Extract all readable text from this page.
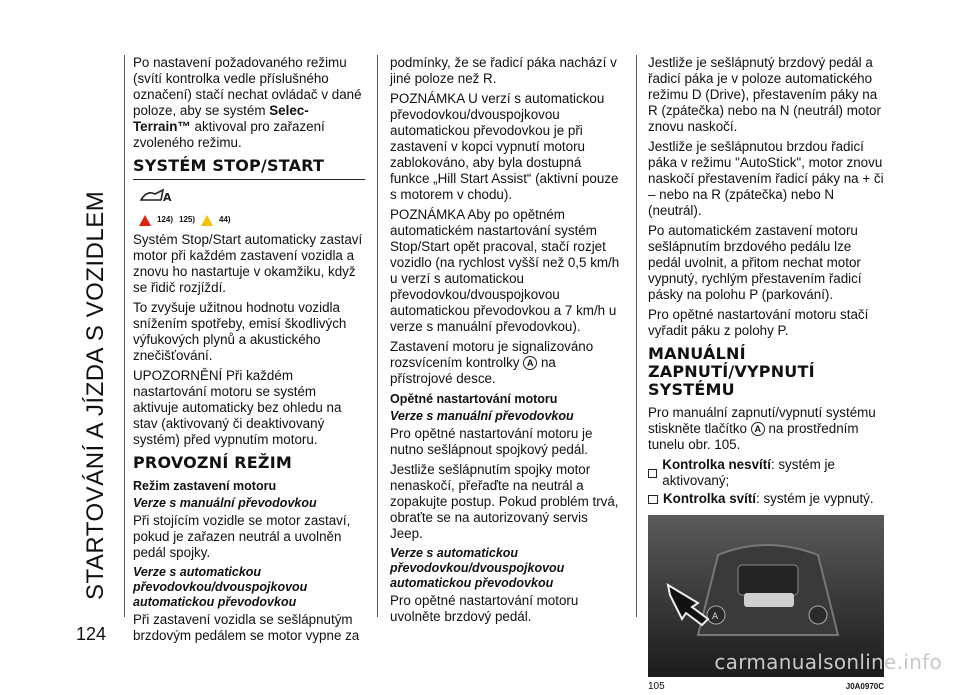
STARTOVÁNÍ A JÍZDA S VOZIDLEM
124

Po nastavení požadovaného režimu (svítí kontrolka vedle příslušného označení) stačí nechat ovládač v dané poloze, aby se systém Selec-Terrain™ aktivoval pro zařazení zvoleného režimu.

SYSTÉM STOP/START
A
124) 125)	44)

Systém Stop/Start automaticky zastaví motor při každém zastavení vozidla a znovu ho nastartuje v okamžiku, když se řidič rozjíždí.

To zvyšuje užitnou hodnotu vozidla snížením spotřeby, emisí škodlivých výfukových plynů a akustického znečišťování.

UPOZORNĚNÍ Při každém nastartování motoru se systém aktivuje automaticky bez ohledu na stav (aktivovaný či deaktivovaný systém) před vypnutím motoru.

PROVOZNÍ REŽIM
Režim zastavení motoru
Verze s manuální převodovkou

Při stojícím vozidle se motor zastaví, pokud je zařazen neutrál a uvolněn pedál spojky.

Verze s automatickou převodovkou/dvouspojkovou automatickou převodovkou

Při zastavení vozidla se sešlápnutým brzdovým pedálem se motor vypne za

podmínky, že se řadicí páka nachází v jiné poloze než R.

POZNÁMKA U verzí s automatickou převodovkou/dvouspojkovou automatickou převodovkou je při zastavení v kopci vypnutí motoru zablokováno, aby byla dostupná funkce „Hill Start Assist“ (aktivní pouze s motorem v chodu).

POZNÁMKA Aby po opětném automatickém nastartování systém Stop/Start opět pracoval, stačí rozjet vozidlo (na rychlost vyšší než 0,5 km/h u verzí s automatickou převodovkou/dvouspojkovou automatickou převodovkou a 7 km/h u verze s manuální převodovkou).

Zastavení motoru je signalizováno rozsvícením kontrolky A na přístrojové desce.

Opětné nastartování motoru
Verze s manuální převodovkou

Pro opětné nastartování motoru je nutno sešlápnout spojkový pedál.

Jestliže sešlápnutím spojky motor nenaskočí, přeřaďte na neutrál a zopakujte postup. Pokud problém trvá, obraťte se na autorizovaný servis Jeep.

Verze s automatickou převodovkou/dvouspojkovou automatickou převodovkou

Pro opětné nastartování motoru uvolněte brzdový pedál.

Jestliže je sešlápnutý brzdový pedál a řadicí páka je v poloze automatického režimu D (Drive), přestavením páky na R (zpátečka) nebo na N (neutrál) motor znovu naskočí.

Jestliže je sešlápnutou brzdou řadicí páka v režimu "AutoStick", motor znovu naskočí přestavením řadicí páky na + či – nebo na R (zpátečka) nebo N (neutrál).

Po automatickém zastavení motoru sešlápnutím brzdového pedálu lze pedál uvolnit, a přitom nechat motor vypnutý, rychlým přestavením řadicí pásky na polohu P (parkování).

Pro opětné nastartování motoru stačí vyřadit páku z polohy P.

MANUÁLNÍ ZAPNUTÍ/VYPNUTÍ SYSTÉMU

Pro manuální zapnutí/vypnutí systému stiskněte tlačítko A na prostředním tunelu obr. 105.

Kontrolka nesvítí: systém je aktivovaný;
Kontrolka svítí: systém je vypnutý.
A
105	J0A0970C
carmanualsonline.info
